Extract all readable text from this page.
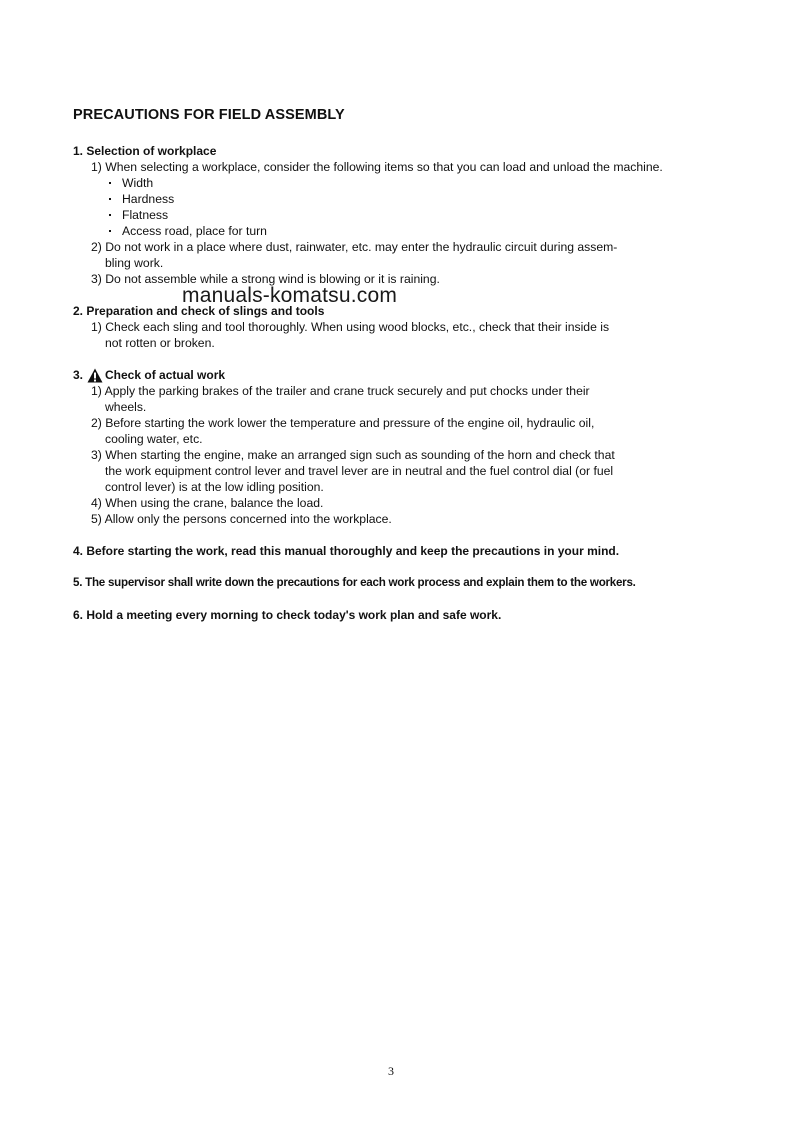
PRECAUTIONS FOR FIELD ASSEMBLY
1. Selection of workplace
1) When selecting a workplace, consider the following items so that you can load and unload the machine.
Width
Hardness
Flatness
Access road, place for turn
2) Do not work in a place where dust, rainwater, etc. may enter the hydraulic circuit during assem-
bling work.
3) Do not assemble while a strong wind is blowing or it is raining.
manuals-komatsu.com
2. Preparation and check of slings and tools
1) Check each sling and tool thoroughly. When using wood blocks, etc., check that their inside is
not rotten or broken.
3. Check of actual work
1) Apply the parking brakes of the trailer and crane truck securely and put chocks under their
wheels.
2) Before starting the work lower the temperature and pressure of the engine oil, hydraulic oil,
cooling water, etc.
3) When starting the engine, make an arranged sign such as sounding of the horn and check that
the work equipment control lever and travel lever are in neutral and the fuel control dial (or fuel
control lever) is at the low idling position.
4) When using the crane, balance the load.
5) Allow only the persons concerned into the workplace.
4. Before starting the work, read this manual thoroughly and keep the precautions in your mind.
5. The supervisor shall write down the precautions for each work process and explain them to the workers.
6. Hold a meeting every morning to check today's work plan and safe work.
3
